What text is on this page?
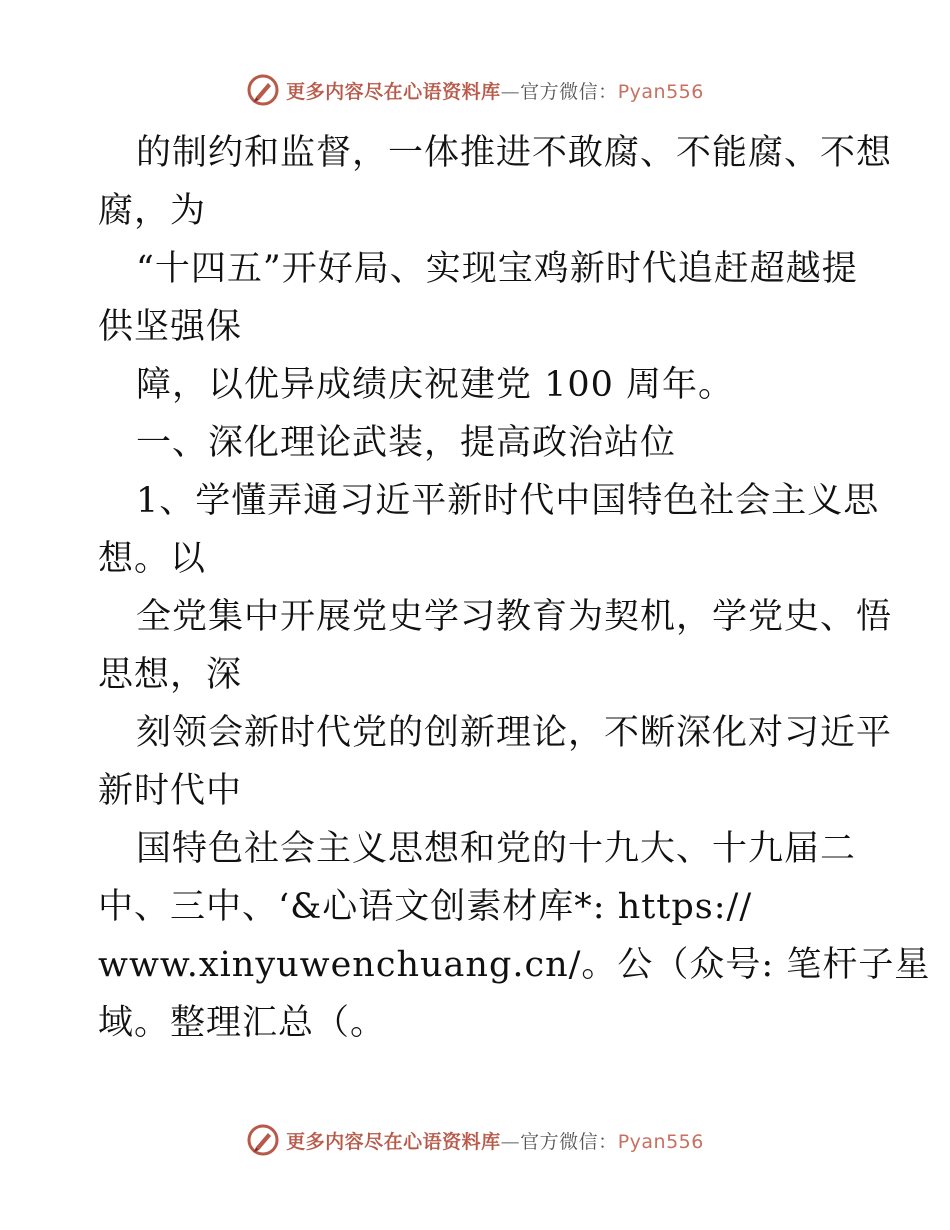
更多内容尽在心语资料库—官方微信：Pyan556
的制约和监督，一体推进不敢腐、不能腐、不想
腐，为
“十四五”开好局、实现宝鸡新时代追赶超越提
供坚强保
障，以优异成绩庆祝建党 100 周年。
一、深化理论武装，提高政治站位
1、学懂弄通习近平新时代中国特色社会主义思
想。以
全党集中开展党史学习教育为契机，学党史、悟
思想，深
刻领会新时代党的创新理论，不断深化对习近平
新时代中
国特色社会主义思想和党的十九大、十九届二
中、三中、‘&心语文创素材库*: https://
www.xinyuwenchuang.cn/。公（众号: 笔杆子星
域。整理汇总（。
更多内容尽在心语资料库—官方微信：Pyan556
